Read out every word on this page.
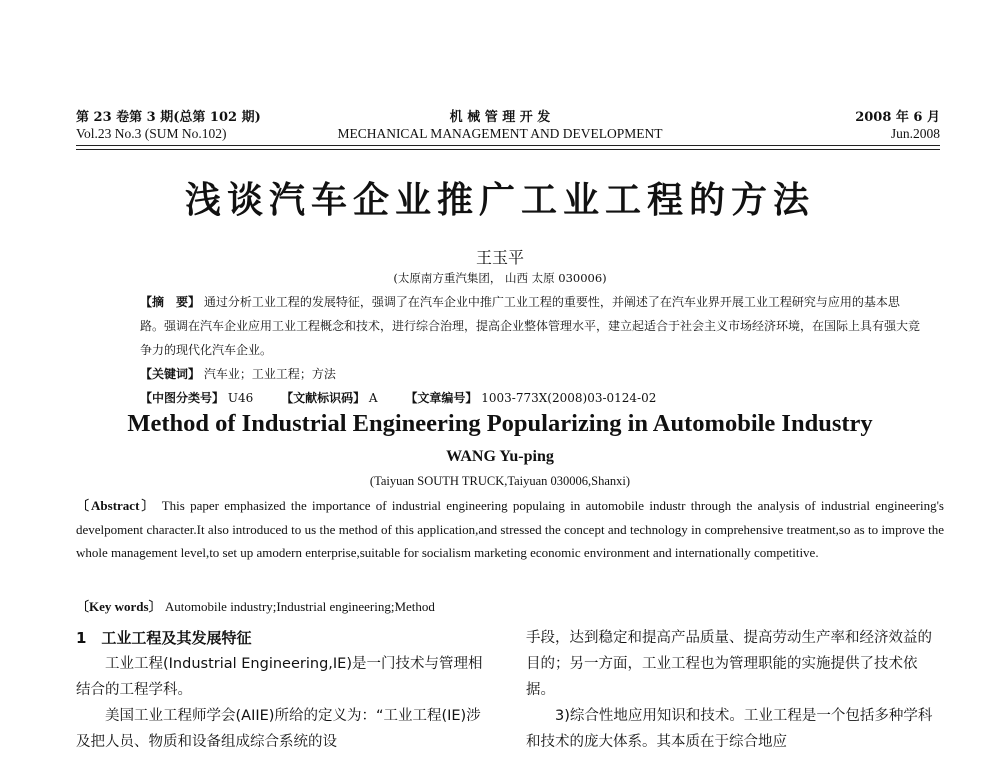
第 23 卷第 3 期(总第 102 期)
Vol.23 No.3 (SUM No.102)
机 械 管 理 开 发
MECHANICAL MANAGEMENT AND DEVELOPMENT
2008 年 6 月
Jun.2008
浅谈汽车企业推广工业工程的方法
王玉平
(太原南方重汽集团， 山西 太原 030006)

【摘　要】 通过分析工业工程的发展特征，强调了在汽车企业中推广工业工程的重要性，并阐述了在汽车业界开展工业工程研究与应用的基本思路。强调在汽车企业应用工业工程概念和技术，进行综合治理，提高企业整体管理水平，建立起适合于社会主义市场经济环境，在国际上具有强大竞争力的现代化汽车企业。

【关键词】 汽车业；工业工程；方法

【中图分类号】 U46 【文献标识码】 A 【文章编号】 1003-773X(2008)03-0124-02

Method of Industrial Engineering Popularizing in Automobile Industry
WANG Yu-ping
(Taiyuan SOUTH TRUCK,Taiyuan 030006,Shanxi)

〔Abstract〕 This paper emphasized the importance of industrial engineering populaing in automobile industr through the analysis of industrial engineering's develpoment character.It also introduced to us the method of this application,and stressed the concept and technology in comprehensive treatment,so as to improve the whole management level,to set up amodern enterprise,suitable for socialism marketing economic environment and internationally competitive.

〔Key words〕 Automobile industry;Industrial engineering;Method

1　工业工程及其发展特征

工业工程(Industrial Engineering,IE)是一门技术与管理相结合的工程学科。

美国工业工程师学会(AIIE)所给的定义为：“工业工程(IE)涉及把人员、物质和设备组成综合系统的设

手段，达到稳定和提高产品质量、提高劳动生产率和经济效益的目的；另一方面，工业工程也为管理职能的实施提供了技术依据。

3)综合性地应用知识和技术。工业工程是一个包括多种学科和技术的庞大体系。其本质在于综合地应
